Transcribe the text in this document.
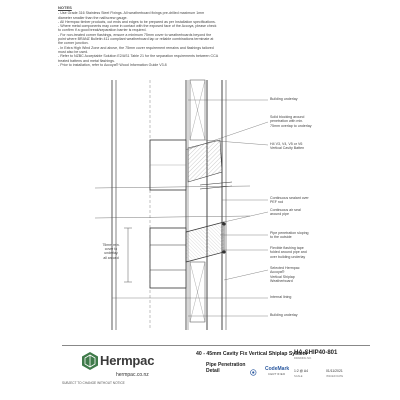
NOTES
- Use Grade 316 Stainless Steel Fixings. All weatherboard fixings pre-drilled maximum 1mm
diameter smaller than the nail/screw gauge.
- All Hermpac timber products, cut ends and edges to be prepared as per Installation specifications.
- Where metal components may come in contact with the exposed face of the Accoya, please check
to confirm if a good break/separation barrier is required.
- For non-treated corner flashings, ensure a minimum 75mm cover to weatherboards beyond the
point where BRANZ Bulletin 411 compliant weatherboard lap or reliable combinations terminate at
the corner junction.
- In Extra High Wind Zone and above, the 75mm cover requirement remains and flashings tailored
must also be used.
- Refer to NZBC Acceptable Solution E2/AS1 Table 21 for the separation requirements between CCA
treated battens and metal flashings.
- Prior to installation, refer to Accoya® Wood Information Guide V3.8
Building underlay
Solid blocking around
penetration with min.
75mm overlap to underlay
H4 V3, V4, V5 or V6
Vertical Cavity Batten
Continuous sealant over
PEF rod
Continuous air seal
around pipe
Pipe penetration sloping
to the outside
Flexible flashing tape
folded around pipe and
over building underlay
Selected Hermpac
Accoya®
Vertical Shiplap
Weatherboard
Internal lining
Building underlay
75mm min.
cover to
underlay
all around
Hermpac
hermpac.co.nz
SUBJECT TO CHANGE WITHOUT NOTICE
40 - 45mm Cavity Fix Vertical Shiplap System
Pipe Penetration
Detail	CodeMark
CERTIFIED
HA-SHIP40-801
DRAWING NO.
1:2 @ A4
SCALE
01/11/2021
ISSUED DATE
